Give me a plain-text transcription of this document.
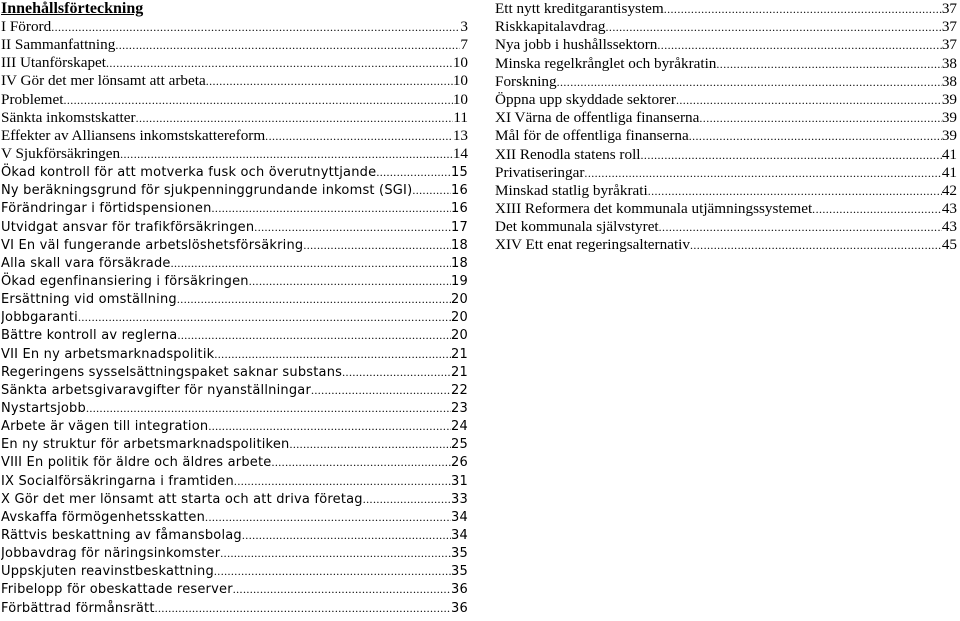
Innehållsförteckning
I Förord .....	3
II Sammanfattning .....	7
III Utanförskapet .....	10
IV Gör det mer lönsamt att arbeta .....	10
Problemet .....	10
Sänkta inkomstskatter .....	11
Effekter av Alliansens inkomstskattereform .....	13
V Sjukförsäkringen .....	14
Ökad kontroll för att motverka fusk och överutnyttjande .....	15
Ny beräkningsgrund för sjukpenninggrundande inkomst (SGI) .....	16
Förändringar i förtidspensionen .....	16
Utvidgat ansvar för trafikförsäkringen .....	17
VI En väl fungerande arbetslöshetsförsäkring .....	18
Alla skall vara försäkrade .....	18
Ökad egenfinansiering i försäkringen .....	19
Ersättning vid omställning .....	20
Jobbgaranti .....	20
Bättre kontroll av reglerna .....	20
VII En ny arbetsmarknadspolitik .....	21
Regeringens sysselsättningspaket saknar substans .....	21
Sänkta arbetsgivaravgifter för nyanställningar .....	22
Nystartsjobb .....	23
Arbete är vägen till integration .....	24
En ny struktur för arbetsmarknadspolitiken .....	25
VIII En politik för äldre och äldres arbete .....	26
IX Socialförsäkringarna i framtiden .....	31
X Gör det mer lönsamt att starta och att driva företag .....	33
Avskaffa förmögenhetsskatten .....	34
Rättvis beskattning av fåmansbolag .....	34
Jobbavdrag för näringsinkomster .....	35
Uppskjuten reavinstbeskattning .....	35
Fribelopp för obeskattade reserver .....	36
Förbättrad förmånsrätt .....	36
Ett nytt kreditgarantisystem .....	37
Riskkapitalavdrag .....	37
Nya jobb i hushållssektorn .....	37
Minska regelkrånglet och byråkratin .....	38
Forskning .....	38
Öppna upp skyddade sektorer .....	39
XI Värna de offentliga finanserna .....	39
Mål för de offentliga finanserna .....	39
XII Renodla statens roll .....	41
Privatiseringar .....	41
Minskad statlig byråkrati .....	42
XIII Reformera det kommunala utjämningssystemet .....	43
Det kommunala självstyret .....	43
XIV Ett enat regeringsalternativ .....	45
